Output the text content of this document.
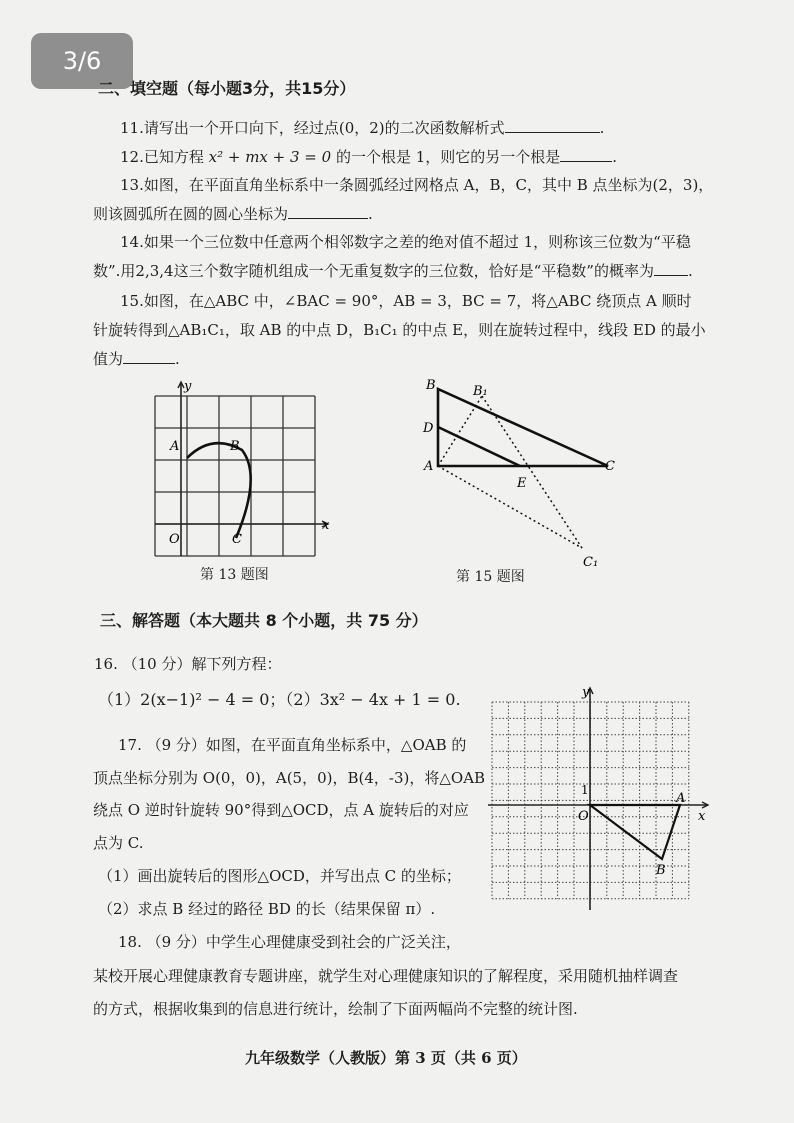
3/6
二、填空题（每小题3分，共15分）
11.请写出一个开口向下，经过点(0，2)的二次函数解析式	.
12.已知方程 x² + mx + 3 = 0 的一个根是 1，则它的另一个根是	.
13.如图，在平面直角坐标系中一条圆弧经过网格点 A，B，C，其中 B 点坐标为(2，3)，
则该圆弧所在圆的圆心坐标为	.
14.如果一个三位数中任意两个相邻数字之差的绝对值不超过 1，则称该三位数为“平稳
数”.用2,3,4这三个数字随机组成一个无重复数字的三位数，恰好是“平稳数”的概率为 .
15.如图，在△ABC 中，∠BAC = 90°，AB = 3，BC = 7，将△ABC 绕顶点 A 顺时
针旋转得到△AB₁C₁，取 AB 的中点 D，B₁C₁ 的中点 E，则在旋转过程中，线段 ED 的最小
值为	.
y
x
A	B
O	C
第 13 题图
B	B₁
D
A	C
E
C₁
第 15 题图
三、解答题（本大题共 8 个小题，共 75 分）
16. （10 分）解下列方程：
（1）2(x−1)² − 4 = 0；（2）3x² − 4x + 1 = 0.
17. （9 分）如图，在平面直角坐标系中，△OAB 的
顶点坐标分别为 O(0，0)，A(5，0)，B(4，-3)，将△OAB
绕点 O 逆时针旋转 90°得到△OCD，点 A 旋转后的对应
点为 C.
（1）画出旋转后的图形△OCD，并写出点 C 的坐标；
（2）求点 B 经过的路径 BD 的长（结果保留 π）.
y
x
O
1
A
B
18. （9 分）中学生心理健康受到社会的广泛关注，
某校开展心理健康教育专题讲座，就学生对心理健康知识的了解程度，采用随机抽样调查
的方式，根据收集到的信息进行统计，绘制了下面两幅尚不完整的统计图.
九年级数学（人教版）第 3 页（共 6 页）
